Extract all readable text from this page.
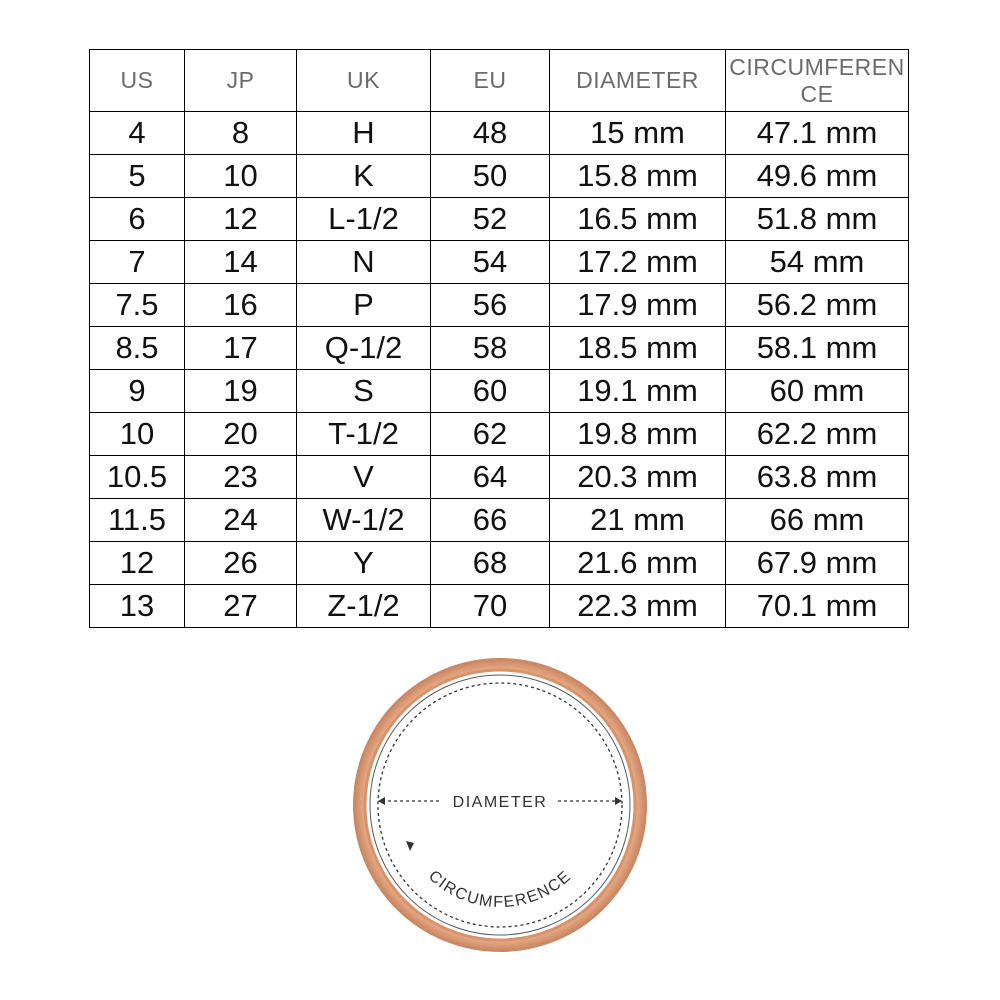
US	JP	UK	EU	DIAMETER	CIRCUMFERENCE
4	8	H	48	15 mm	47.1 mm
5	10	K	50	15.8 mm	49.6 mm
6	12	L-1/2	52	16.5 mm	51.8 mm
7	14	N	54	17.2 mm	54 mm
7.5	16	P	56	17.9 mm	56.2 mm
8.5	17	Q-1/2	58	18.5 mm	58.1 mm
9	19	S	60	19.1 mm	60 mm
10	20	T-1/2	62	19.8 mm	62.2 mm
10.5	23	V	64	20.3 mm	63.8 mm
11.5	24	W-1/2	66	21 mm	66 mm
12	26	Y	68	21.6 mm	67.9 mm
13	27	Z-1/2	70	22.3 mm	70.1 mm
DIAMETER
CIRCUMFERENCE
